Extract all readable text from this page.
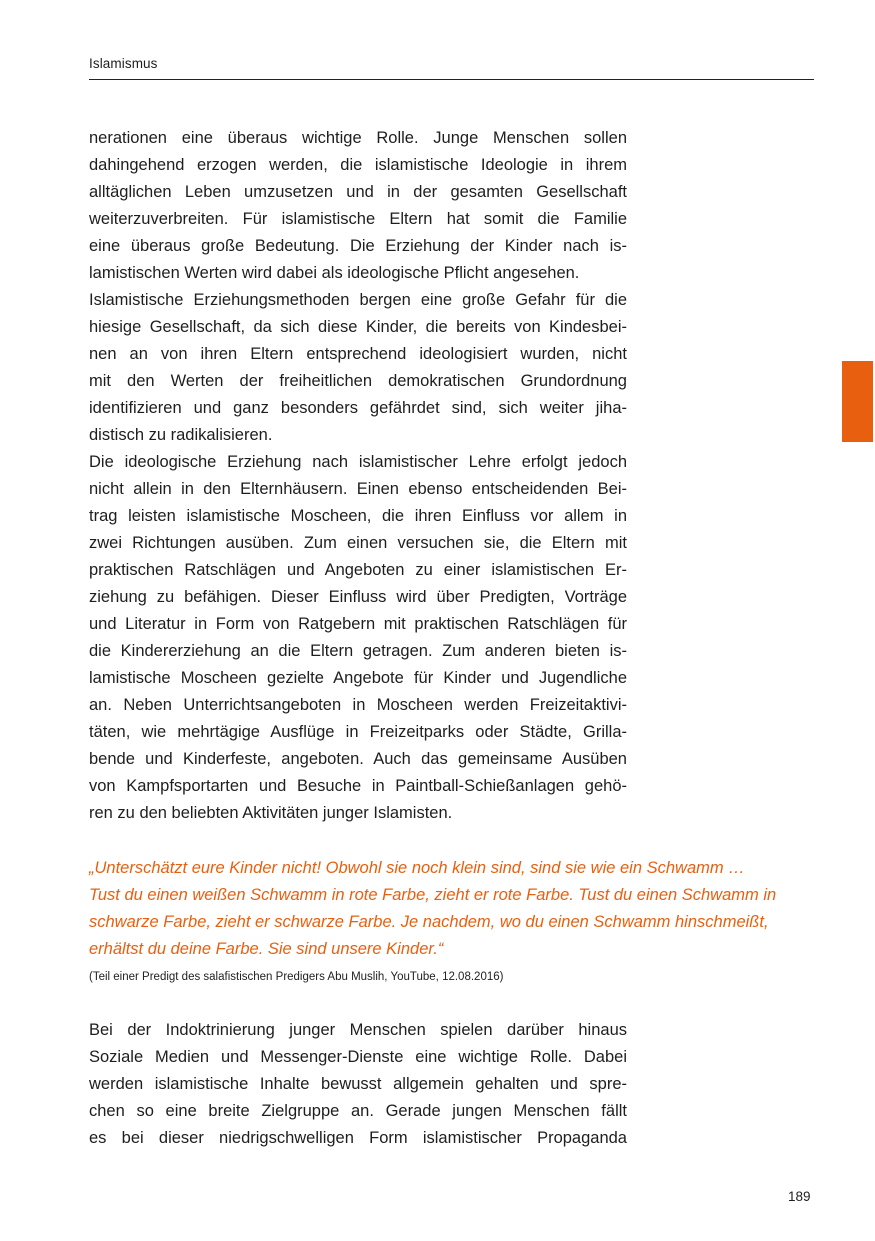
Islamismus
nerationen eine überaus wichtige Rolle. Junge Menschen sollen
dahingehend erzogen werden, die islamistische Ideologie in ihrem
alltäglichen Leben umzusetzen und in der gesamten Gesellschaft
weiterzuverbreiten. Für islamistische Eltern hat somit die Familie
eine überaus große Bedeutung. Die Erziehung der Kinder nach is-
lamistischen Werten wird dabei als ideologische Pflicht angesehen.
Islamistische Erziehungsmethoden bergen eine große Gefahr für die
hiesige Gesellschaft, da sich diese Kinder, die bereits von Kindesbei-
nen an von ihren Eltern entsprechend ideologisiert wurden, nicht
mit den Werten der freiheitlichen demokratischen Grundordnung
identifizieren und ganz besonders gefährdet sind, sich weiter jiha-
distisch zu radikalisieren.
Die ideologische Erziehung nach islamistischer Lehre erfolgt jedoch
nicht allein in den Elternhäusern. Einen ebenso entscheidenden Bei-
trag leisten islamistische Moscheen, die ihren Einfluss vor allem in
zwei Richtungen ausüben. Zum einen versuchen sie, die Eltern mit
praktischen Ratschlägen und Angeboten zu einer islamistischen Er-
ziehung zu befähigen. Dieser Einfluss wird über Predigten, Vorträge
und Literatur in Form von Ratgebern mit praktischen Ratschlägen für
die Kindererziehung an die Eltern getragen. Zum anderen bieten is-
lamistische Moscheen gezielte Angebote für Kinder und Jugendliche
an. Neben Unterrichtsangeboten in Moscheen werden Freizeitaktivi-
täten, wie mehrtägige Ausflüge in Freizeitparks oder Städte, Grilla-
bende und Kinderfeste, angeboten. Auch das gemeinsame Ausüben
von Kampfsportarten und Besuche in Paintball-Schießanlagen gehö-
ren zu den beliebten Aktivitäten junger Islamisten.
„Unterschätzt eure Kinder nicht! Obwohl sie noch klein sind, sind sie wie ein Schwamm …
Tust du einen weißen Schwamm in rote Farbe, zieht er rote Farbe. Tust du einen Schwamm in
schwarze Farbe, zieht er schwarze Farbe. Je nachdem, wo du einen Schwamm hinschmeißt,
erhältst du deine Farbe. Sie sind unsere Kinder.“
(Teil einer Predigt des salafistischen Predigers Abu Muslih, YouTube, 12.08.2016)
Bei der Indoktrinierung junger Menschen spielen darüber hinaus
Soziale Medien und Messenger-Dienste eine wichtige Rolle. Dabei
werden islamistische Inhalte bewusst allgemein gehalten und spre-
chen so eine breite Zielgruppe an. Gerade jungen Menschen fällt
es bei dieser niedrigschwelligen Form islamistischer Propaganda
189
